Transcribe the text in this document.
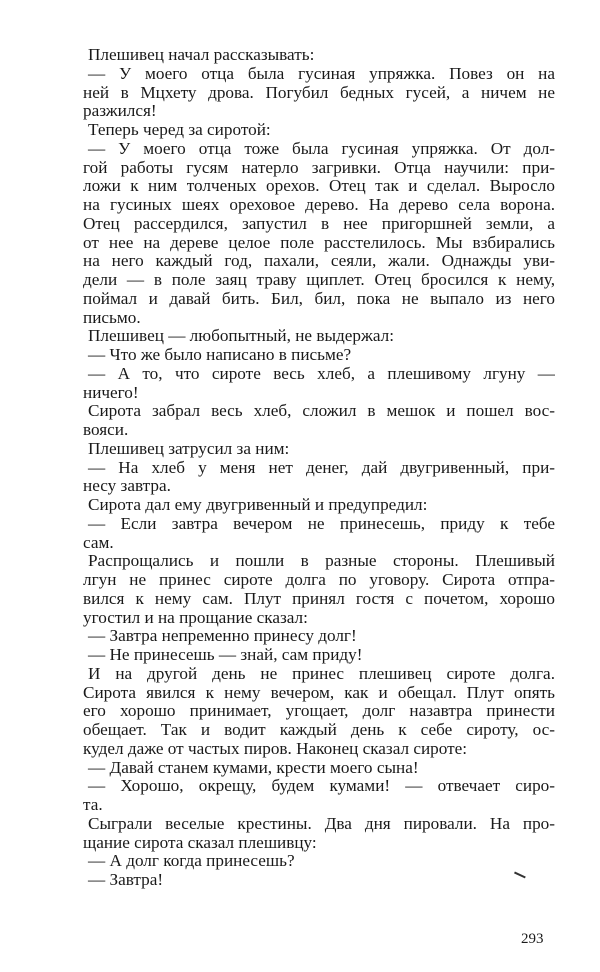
Плешивец начал рассказывать:
— У моего отца была гусиная упряжка. Повез он на
ней в Мцхету дрова. Погубил бедных гусей, а ничем не
разжился!
Теперь черед за сиротой:
— У моего отца тоже была гусиная упряжка. От дол-
гой работы гусям натерло загривки. Отца научили: при-
ложи к ним толченых орехов. Отец так и сделал. Выросло
на гусиных шеях ореховое дерево. На дерево села ворона.
Отец рассердился, запустил в нее пригоршней земли, а
от нее на дереве целое поле расстелилось. Мы взбирались
на него каждый год, пахали, сеяли, жали. Однажды уви-
дели — в поле заяц траву щиплет. Отец бросился к нему,
поймал и давай бить. Бил, бил, пока не выпало из него
письмо.
Плешивец — любопытный, не выдержал:
— Что же было написано в письме?
— А то, что сироте весь хлеб, а плешивому лгуну —
ничего!
Сирота забрал весь хлеб, сложил в мешок и пошел вос-
вояси.
Плешивец затрусил за ним:
— На хлеб у меня нет денег, дай двугривенный, при-
несу завтра.
Сирота дал ему двугривенный и предупредил:
— Если завтра вечером не принесешь, приду к тебе
сам.
Распрощались и пошли в разные стороны. Плешивый
лгун не принес сироте долга по уговору. Сирота отпра-
вился к нему сам. Плут принял гостя с почетом, хорошо
угостил и на прощание сказал:
— Завтра непременно принесу долг!
— Не принесешь — знай, сам приду!
И на другой день не принес плешивец сироте долга.
Сирота явился к нему вечером, как и обещал. Плут опять
его хорошо принимает, угощает, долг назавтра принести
обещает. Так и водит каждый день к себе сироту, ос-
кудел даже от частых пиров. Наконец сказал сироте:
— Давай станем кумами, крести моего сына!
— Хорошо, окрещу, будем кумами! — отвечает сиро-
та.
Сыграли веселые крестины. Два дня пировали. На про-
щание сирота сказал плешивцу:
— А долг когда принесешь?
— Завтра!
293
